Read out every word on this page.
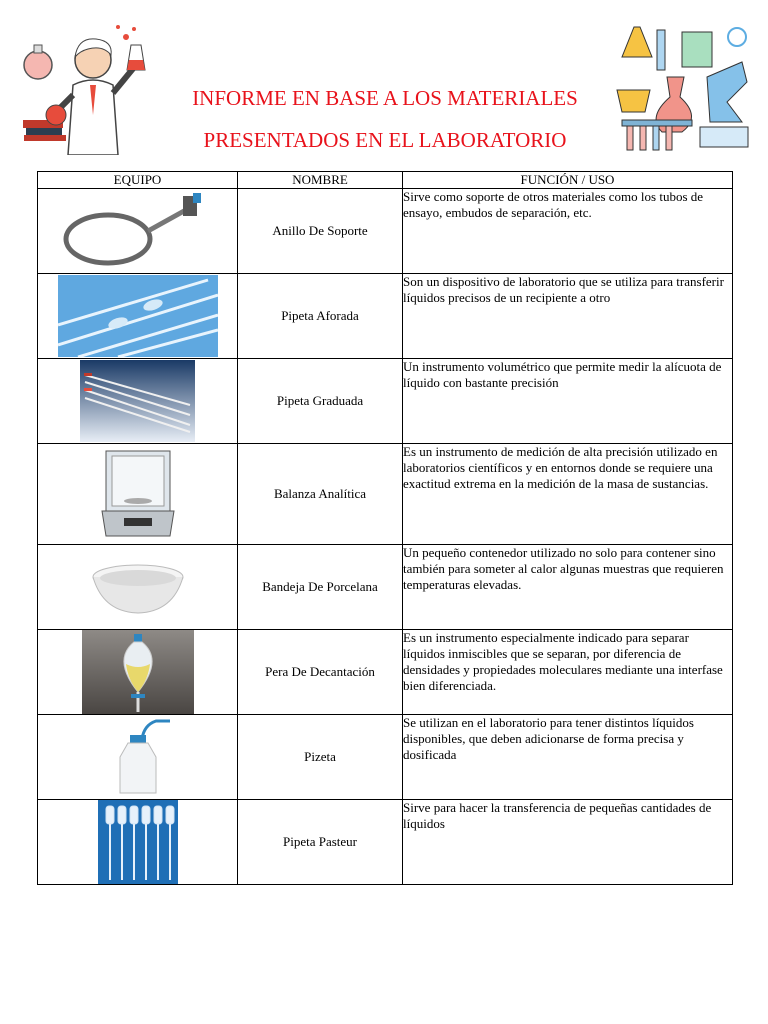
INFORME EN BASE A LOS MATERIALES
PRESENTADOS EN EL LABORATORIO
EQUIPO	NOMBRE	FUNCIÓN / USO

	Anillo De Soporte	Sirve como soporte de otros materiales como los tubos de ensayo, embudos de separación, etc.

	Pipeta Aforada	Son un dispositivo de laboratorio que se utiliza para transferir líquidos precisos de un recipiente a otro

	Pipeta Graduada	Un instrumento volumétrico que permite medir la alícuota de líquido con bastante precisión

	Balanza Analítica	Es un instrumento de medición de alta precisión utilizado en laboratorios científicos y en entornos donde se requiere una exactitud extrema en la medición de la masa de sustancias.

	Bandeja De Porcelana	Un pequeño contenedor utilizado no solo para contener sino también para someter al calor algunas muestras que requieren temperaturas elevadas.

	Pera De Decantación	Es un instrumento especialmente indicado para separar líquidos inmiscibles que se separan, por diferencia de densidades y propiedades moleculares mediante una interfase bien diferenciada.

	Pizeta	Se utilizan en el laboratorio para tener distintos líquidos disponibles, que deben adicionarse de forma precisa y dosificada

	Pipeta Pasteur	Sirve para hacer la transferencia de pequeñas cantidades de líquidos
